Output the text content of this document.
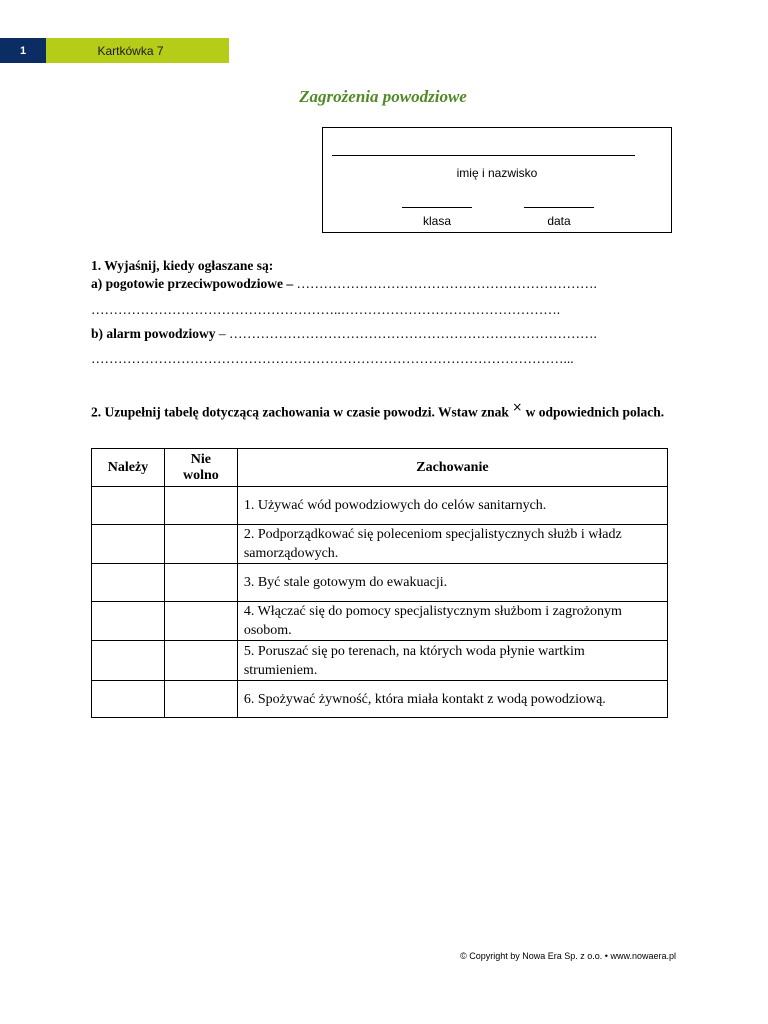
1	Kartkówka 7
Zagrożenia powodziowe
imię i nazwisko
klasa	data
1. Wyjaśnij, kiedy ogłaszane są:
a) pogotowie przeciwpowodziowe – ………………………………………………………….
………………………………………………..………………………………………….
b) alarm powodziowy – ……………………………………………………………………….
……………………………………………………………………………………………...
2. Uzupełnij tabelę dotyczącą zachowania w czasie powodzi. Wstaw znak × w odpowiednich polach.
Należy	Nie wolno	Zachowanie
		1. Używać wód powodziowych do celów sanitarnych.
		2. Podporządkować się poleceniom specjalistycznych służb i władz samorządowych.
		3. Być stale gotowym do ewakuacji.
		4. Włączać się do pomocy specjalistycznym służbom i zagrożonym osobom.
		5. Poruszać się po terenach, na których woda płynie wartkim strumieniem.
		6. Spożywać żywność, która miała kontakt z wodą powodziową.
© Copyright by Nowa Era Sp. z o.o. • www.nowaera.pl
